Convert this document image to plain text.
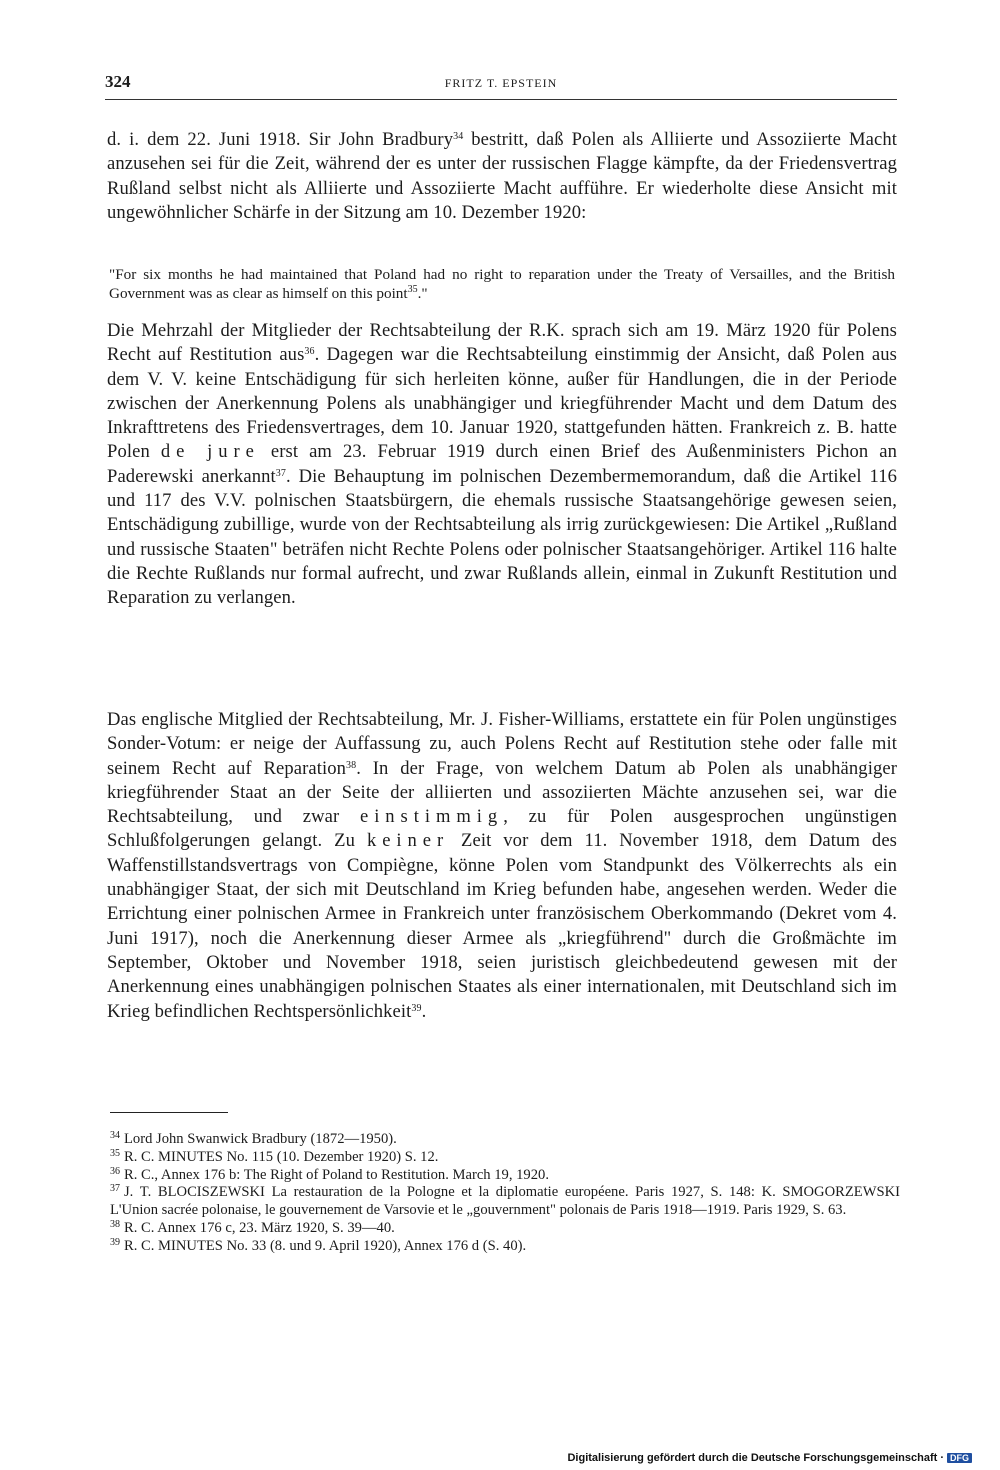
324	FRITZ T. EPSTEIN

d. i. dem 22. Juni 1918. Sir John Bradbury$^{34}$ bestritt, daß Polen als Alliierte und Assoziierte Macht anzusehen sei für die Zeit, während der es unter der russischen Flagge kämpfte, da der Friedensvertrag Rußland selbst nicht als Alliierte und Assoziierte Macht aufführe. Er wiederholte diese Ansicht mit ungewöhnlicher Schärfe in der Sitzung am 10. Dezember 1920:

"For six months he had maintained that Poland had no right to reparation under the Treaty of Versailles, and the British Government was as clear as himself on this point$^{35}$."

Die Mehrzahl der Mitglieder der Rechtsabteilung der R.K. sprach sich am 19. März 1920 für Polens Recht auf Restitution aus$^{36}$. Dagegen war die Rechtsabteilung einstimmig der Ansicht, daß Polen aus dem V. V. keine Entschädigung für sich herleiten könne, außer für Handlungen, die in der Periode zwischen der Anerkennung Polens als unabhängiger und kriegführender Macht und dem Datum des Inkrafttretens des Friedensvertrages, dem 10. Januar 1920, stattgefunden hätten. Frankreich z. B. hatte Polen de jure erst am 23. Februar 1919 durch einen Brief des Außenministers Pichon an Paderewski anerkannt$^{37}$. Die Behauptung im polnischen Dezembermemorandum, daß die Artikel 116 und 117 des V.V. polnischen Staatsbürgern, die ehemals russische Staatsangehörige gewesen seien, Entschädigung zubillige, wurde von der Rechtsabteilung als irrig zurückgewiesen: Die Artikel „Rußland und russische Staaten" beträfen nicht Rechte Polens oder polnischer Staatsangehöriger. Artikel 116 halte die Rechte Rußlands nur formal aufrecht, und zwar Rußlands allein, einmal in Zukunft Restitution und Reparation zu verlangen.

Das englische Mitglied der Rechtsabteilung, Mr. J. Fisher-Williams, erstattete ein für Polen ungünstiges Sonder-Votum: er neige der Auffassung zu, auch Polens Recht auf Restitution stehe oder falle mit seinem Recht auf Reparation$^{38}$. In der Frage, von welchem Datum ab Polen als unabhängiger kriegführender Staat an der Seite der alliierten und assoziierten Mächte anzusehen sei, war die Rechtsabteilung, und zwar einstimmig, zu für Polen ausgesprochen ungünstigen Schlußfolgerungen gelangt. Zu keiner Zeit vor dem 11. November 1918, dem Datum des Waffenstillstandsvertrags von Compiègne, könne Polen vom Standpunkt des Völkerrechts als ein unabhängiger Staat, der sich mit Deutschland im Krieg befunden habe, angesehen werden. Weder die Errichtung einer polnischen Armee in Frankreich unter französischem Oberkommando (Dekret vom 4. Juni 1917), noch die Anerkennung dieser Armee als „kriegführend" durch die Großmächte im September, Oktober und November 1918, seien juristisch gleichbedeutend gewesen mit der Anerkennung eines unabhängigen polnischen Staates als einer internationalen, mit Deutschland sich im Krieg befindlichen Rechtspersönlichkeit$^{39}$.

$^{34}$ Lord John Swanwick Bradbury (1872—1950).

$^{35}$ R. C. MINUTES No. 115 (10. Dezember 1920) S. 12.

$^{36}$ R. C., Annex 176 b: The Right of Poland to Restitution. March 19, 1920.

$^{37}$ J. T. BLOCISZEWSKI La restauration de la Pologne et la diplomatie européene. Paris 1927, S. 148: K. SMOGORZEWSKI L'Union sacrée polonaise, le gouvernement de Varsovie et le „gouvernment" polonais de Paris 1918—1919. Paris 1929, S. 63.

$^{38}$ R. C. Annex 176 c, 23. März 1920, S. 39—40.

$^{39}$ R. C. MINUTES No. 33 (8. und 9. April 1920), Annex 176 d (S. 40).

Digitalisierung gefördert durch die Deutsche Forschungsgemeinschaft · DFG
